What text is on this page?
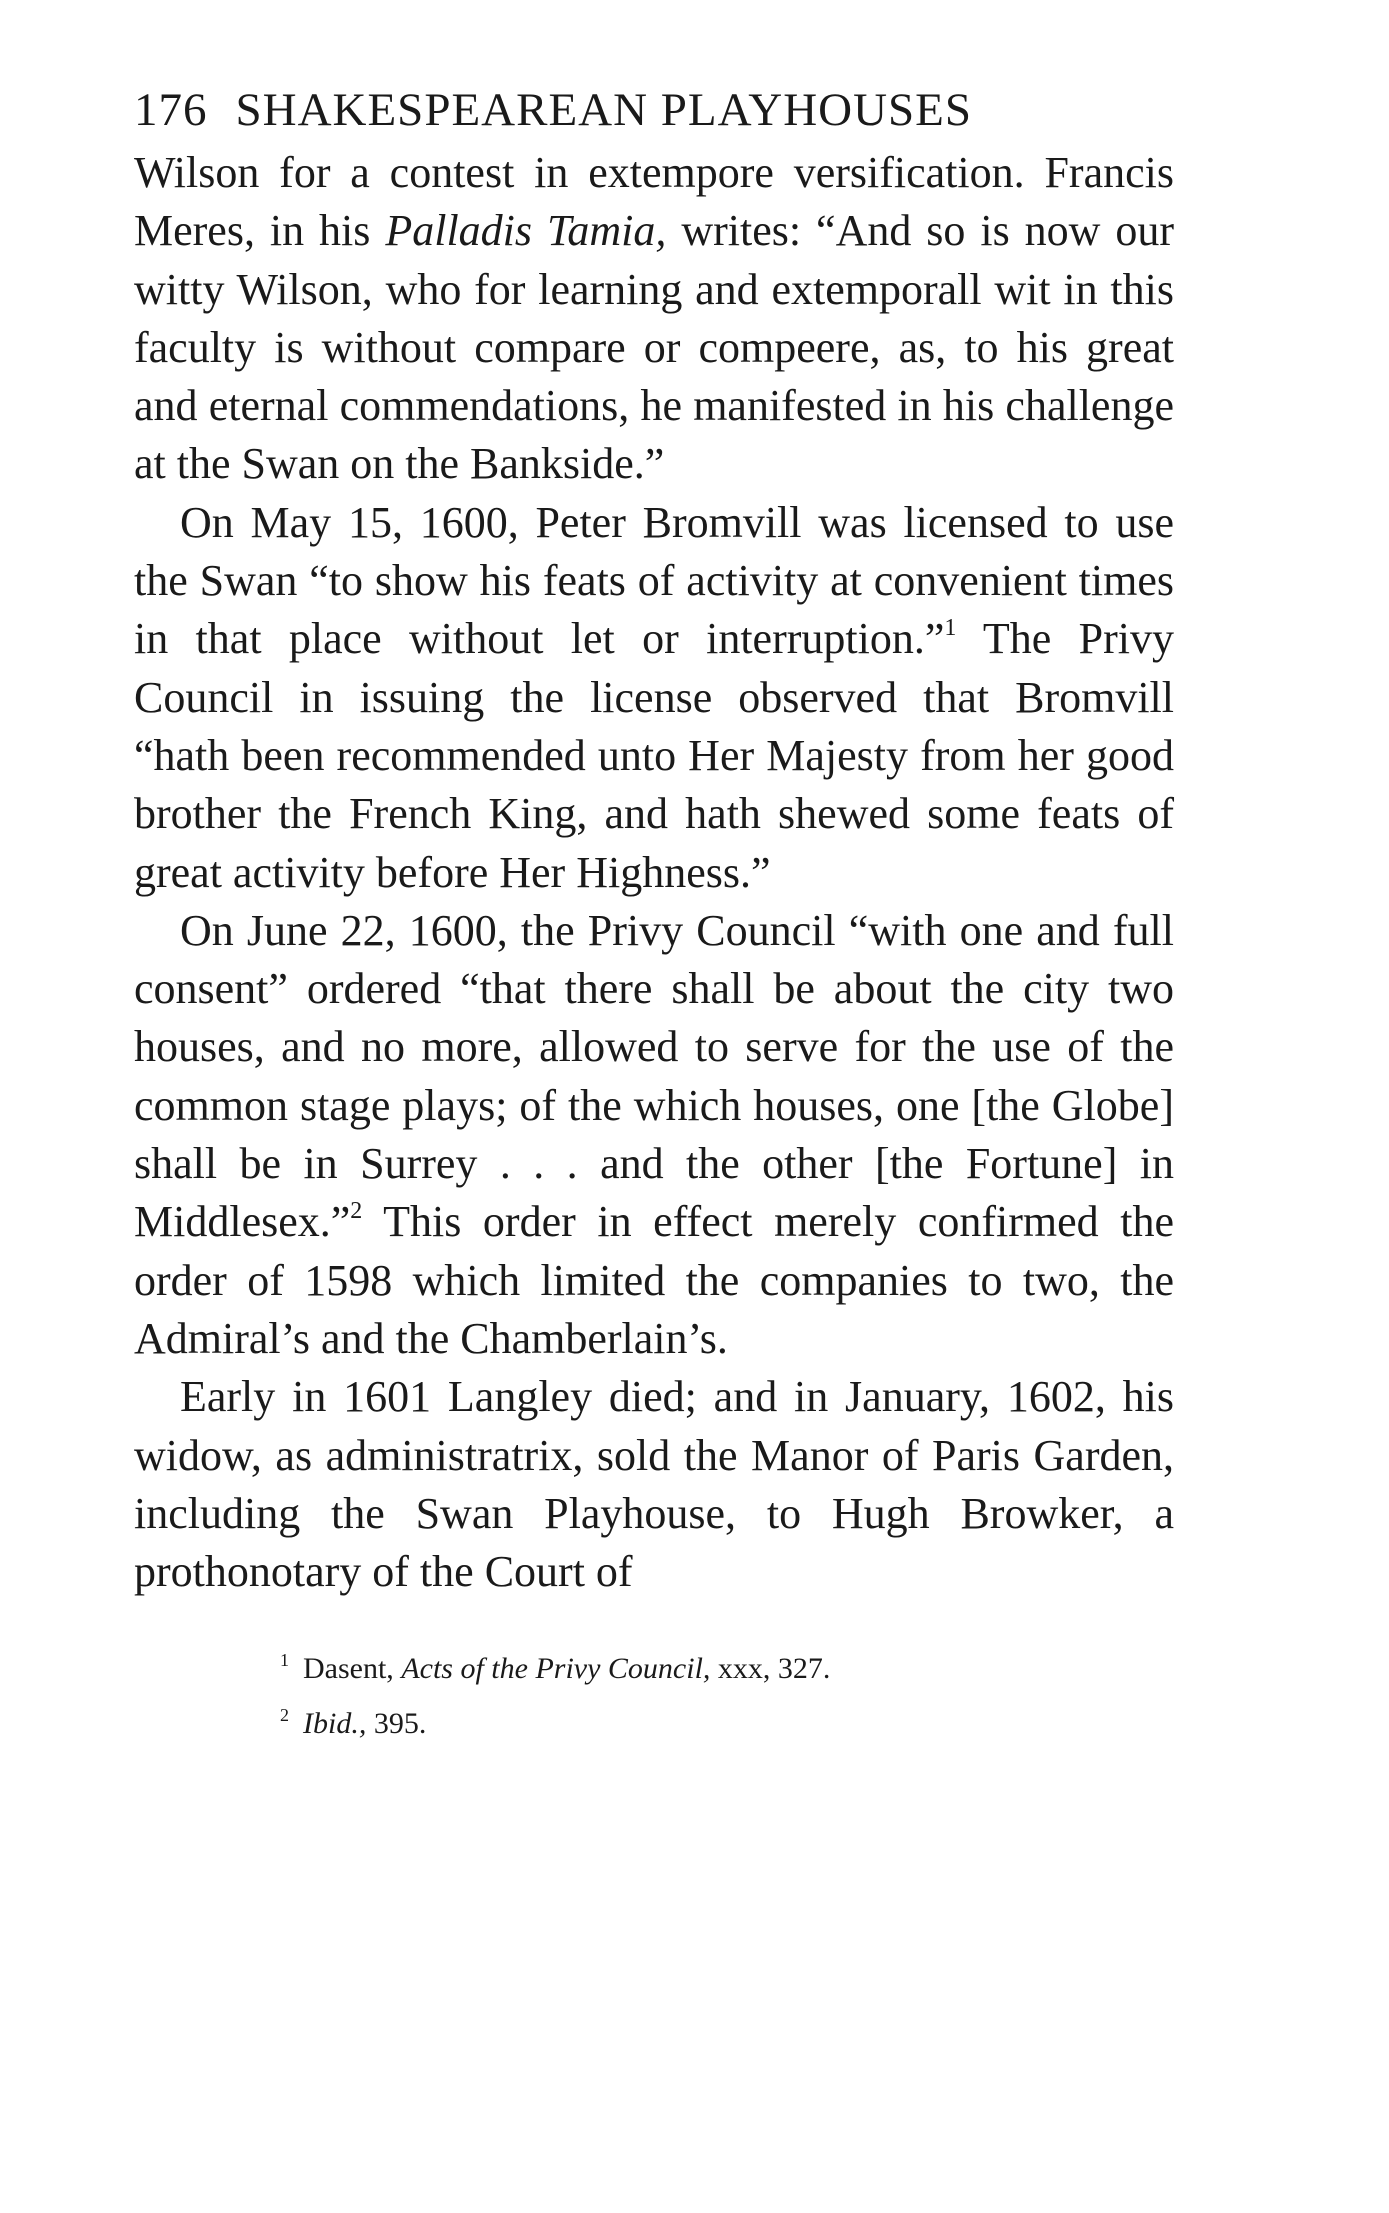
176 SHAKESPEAREAN PLAYHOUSES

Wilson for a contest in extempore versification. Francis Meres, in his Palladis Tamia, writes: “And so is now our witty Wilson, who for learning and extemporall wit in this faculty is without compare or compeere, as, to his great and eternal commendations, he manifested in his challenge at the Swan on the Bankside.”

On May 15, 1600, Peter Bromvill was licensed to use the Swan “to show his feats of activity at convenient times in that place without let or interruption.”$^1$ The Privy Council in issuing the license observed that Bromvill “hath been recommended unto Her Majesty from her good brother the French King, and hath shewed some feats of great activity before Her Highness.”

On June 22, 1600, the Privy Council “with one and full consent” ordered “that there shall be about the city two houses, and no more, allowed to serve for the use of the common stage plays; of the which houses, one [the Globe] shall be in Surrey . . . and the other [the Fortune] in Middlesex.”$^2$ This order in effect merely confirmed the order of 1598 which limited the companies to two, the Admiral’s and the Chamberlain’s.

Early in 1601 Langley died; and in January, 1602, his widow, as administratrix, sold the Manor of Paris Garden, including the Swan Playhouse, to Hugh Browker, a prothonotary of the Court of

$^1$ Dasent, Acts of the Privy Council, xxx, 327.

$^2$ Ibid., 395.
